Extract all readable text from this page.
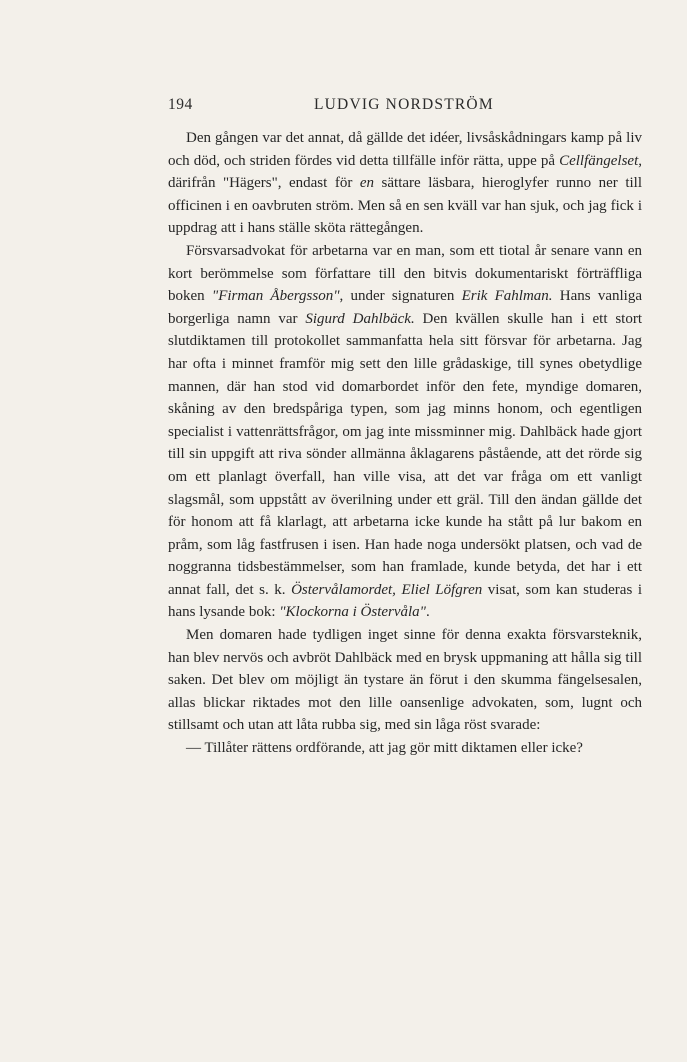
194	LUDVIG NORDSTRÖM

Den gången var det annat, då gällde det idéer, livsåskådningars kamp på liv och död, och striden fördes vid detta tillfälle inför rätta, uppe på Cellfängelset, därifrån "Hägers", endast för en sättare läsbara, hieroglyfer runno ner till officinen i en oavbruten ström. Men så en sen kväll var han sjuk, och jag fick i uppdrag att i hans ställe sköta rättegången.

Försvarsadvokat för arbetarna var en man, som ett tiotal år senare vann en kort berömmelse som författare till den bitvis dokumentariskt förträffliga boken "Firman Åbergsson", under signaturen Erik Fahlman. Hans vanliga borgerliga namn var Sigurd Dahlbäck. Den kvällen skulle han i ett stort slutdiktamen till protokollet sammanfatta hela sitt försvar för arbetarna. Jag har ofta i minnet framför mig sett den lille grådaskige, till synes obetydlige mannen, där han stod vid domarbordet inför den fete, myndige domaren, skåning av den bredspåriga typen, som jag minns honom, och egentligen specialist i vattenrättsfrågor, om jag inte missminner mig. Dahlbäck hade gjort till sin uppgift att riva sönder allmänna åklagarens påstående, att det rörde sig om ett planlagt överfall, han ville visa, att det var fråga om ett vanligt slagsmål, som uppstått av överilning under ett gräl. Till den ändan gällde det för honom att få klarlagt, att arbetarna icke kunde ha stått på lur bakom en pråm, som låg fastfrusen i isen. Han hade noga undersökt platsen, och vad de noggranna tidsbestämmelser, som han framlade, kunde betyda, det har i ett annat fall, det s. k. Östervålamordet, Eliel Löfgren visat, som kan studeras i hans lysande bok: "Klockorna i Östervåla".

Men domaren hade tydligen inget sinne för denna exakta försvarsteknik, han blev nervös och avbröt Dahlbäck med en brysk uppmaning att hålla sig till saken. Det blev om möjligt än tystare än förut i den skumma fängelsesalen, allas blickar riktades mot den lille oansenlige advokaten, som, lugnt och stillsamt och utan att låta rubba sig, med sin låga röst svarade:

— Tillåter rättens ordförande, att jag gör mitt diktamen eller icke?
